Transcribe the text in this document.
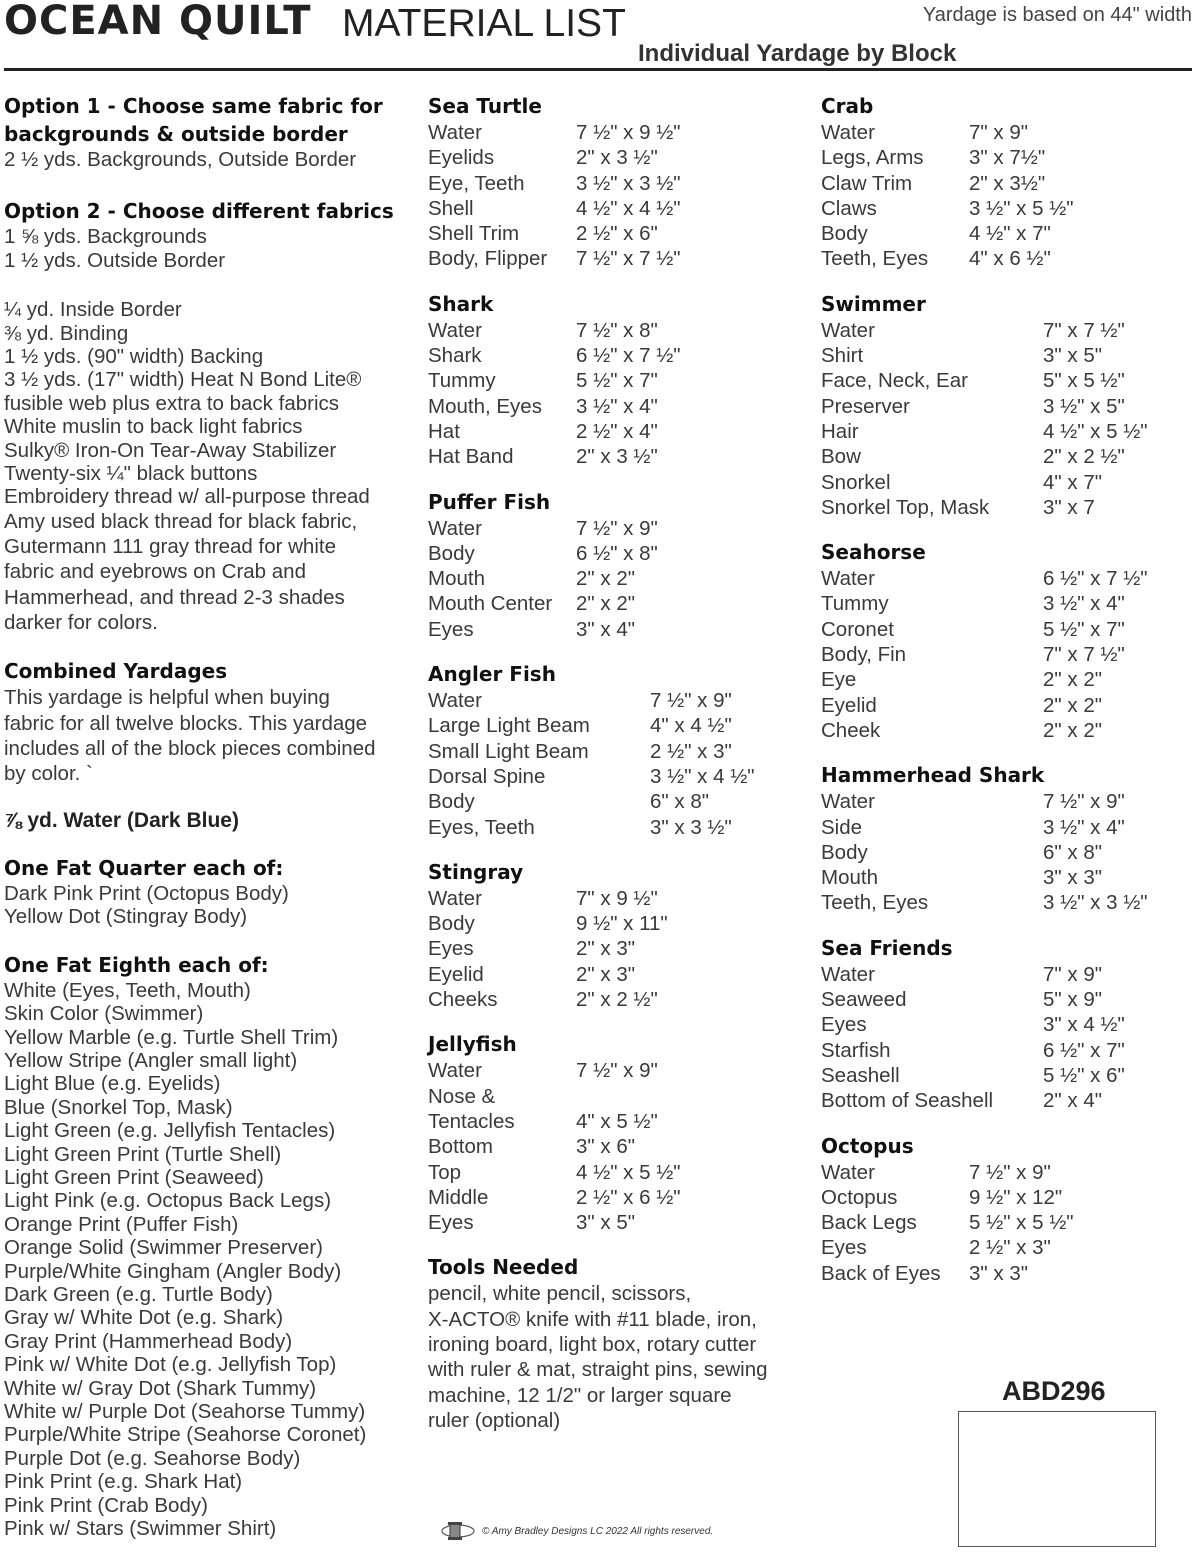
OCEAN QUILT MATERIAL LIST	Yardage is based on 44" width
Individual Yardage by Block
Option 1 - Choose same fabric for
backgrounds & outside border
2 ½ yds. Backgrounds, Outside Border
Option 2 - Choose different fabrics
1 ⅝ yds. Backgrounds
1 ½ yds. Outside Border
¼ yd. Inside Border
⅜ yd. Binding
1 ½ yds. (90" width) Backing
3 ½ yds. (17" width) Heat N Bond Lite®
fusible web plus extra to back fabrics
White muslin to back light fabrics
Sulky® Iron-On Tear-Away Stabilizer
Twenty-six ¼" black buttons
Embroidery thread w/ all-purpose thread
Amy used black thread for black fabric,
Gutermann 111 gray thread for white
fabric and eyebrows on Crab and
Hammerhead, and thread 2-3 shades
darker for colors.
Combined Yardages
This yardage is helpful when buying
fabric for all twelve blocks. This yardage
includes all of the block pieces combined
by color. `
⅞ yd. Water (Dark Blue)
One Fat Quarter each of:
Dark Pink Print (Octopus Body)
Yellow Dot (Stingray Body)
One Fat Eighth each of:
White (Eyes, Teeth, Mouth)
Skin Color (Swimmer)
Yellow Marble (e.g. Turtle Shell Trim)
Yellow Stripe (Angler small light)
Light Blue (e.g. Eyelids)
Blue (Snorkel Top, Mask)
Light Green (e.g. Jellyfish Tentacles)
Light Green Print (Turtle Shell)
Light Green Print (Seaweed)
Light Pink (e.g. Octopus Back Legs)
Orange Print (Puffer Fish)
Orange Solid (Swimmer Preserver)
Purple/White Gingham (Angler Body)
Dark Green (e.g. Turtle Body)
Gray w/ White Dot (e.g. Shark)
Gray Print (Hammerhead Body)
Pink w/ White Dot (e.g. Jellyfish Top)
White w/ Gray Dot (Shark Tummy)
White w/ Purple Dot (Seahorse Tummy)
Purple/White Stripe (Seahorse Coronet)
Purple Dot (e.g. Seahorse Body)
Pink Print (e.g. Shark Hat)
Pink Print (Crab Body)
Pink w/ Stars (Swimmer Shirt)
Sea Turtle
Water	7 ½" x 9 ½"
Eyelids	2" x 3 ½"
Eye, Teeth	3 ½" x 3 ½"
Shell	4 ½" x 4 ½"
Shell Trim	2 ½" x 6"
Body, Flipper	7 ½" x 7 ½"
Shark
Water	7 ½" x 8"
Shark	6 ½" x 7 ½"
Tummy	5 ½" x 7"
Mouth, Eyes	3 ½" x 4"
Hat	2 ½" x 4"
Hat Band	2" x 3 ½"
Puffer Fish
Water	7 ½" x 9"
Body	6 ½" x 8"
Mouth	2" x 2"
Mouth Center	2" x 2"
Eyes	3" x 4"
Angler Fish
Water	7 ½" x 9"
Large Light Beam	4" x 4 ½"
Small Light Beam	2 ½" x 3"
Dorsal Spine	3 ½" x 4 ½"
Body	6" x 8"
Eyes, Teeth	3" x 3 ½"
Stingray
Water	7" x 9 ½"
Body	9 ½" x 11"
Eyes	2" x 3"
Eyelid	2" x 3"
Cheeks	2" x 2 ½"
Jellyfish
Water	7 ½" x 9"
Nose &
Tentacles	4" x 5 ½"
Bottom	3" x 6"
Top	4 ½" x 5 ½"
Middle	2 ½" x 6 ½"
Eyes	3" x 5"
Tools Needed
pencil, white pencil, scissors,
X-ACTO® knife with #11 blade, iron,
ironing board, light box, rotary cutter
with ruler & mat, straight pins, sewing
machine, 12 1/2" or larger square
ruler (optional)
Crab
Water	7" x 9"
Legs, Arms	3" x 7½"
Claw Trim	2" x 3½"
Claws	3 ½" x 5 ½"
Body	4 ½" x 7"
Teeth, Eyes	4" x 6 ½"
Swimmer
Water	7" x 7 ½"
Shirt	3" x 5"
Face, Neck, Ear	5" x 5 ½"
Preserver	3 ½" x 5"
Hair	4 ½" x 5 ½"
Bow	2" x 2 ½"
Snorkel	4" x 7"
Snorkel Top, Mask	3" x 7
Seahorse
Water	6 ½" x 7 ½"
Tummy	3 ½" x 4"
Coronet	5 ½" x 7"
Body, Fin	7" x 7 ½"
Eye	2" x 2"
Eyelid	2" x 2"
Cheek	2" x 2"
Hammerhead Shark
Water	7 ½" x 9"
Side	3 ½" x 4"
Body	6" x 8"
Mouth	3" x 3"
Teeth, Eyes	3 ½" x 3 ½"
Sea Friends
Water	7" x 9"
Seaweed	5" x 9"
Eyes	3" x 4 ½"
Starfish	6 ½" x 7"
Seashell	5 ½" x 6"
Bottom of Seashell	2" x 4"
Octopus
Water	7 ½" x 9"
Octopus	9 ½" x 12"
Back Legs	5 ½" x 5 ½"
Eyes	2 ½" x 3"
Back of Eyes	3" x 3"
ABD296
© Amy Bradley Designs LC 2022 All rights reserved.
